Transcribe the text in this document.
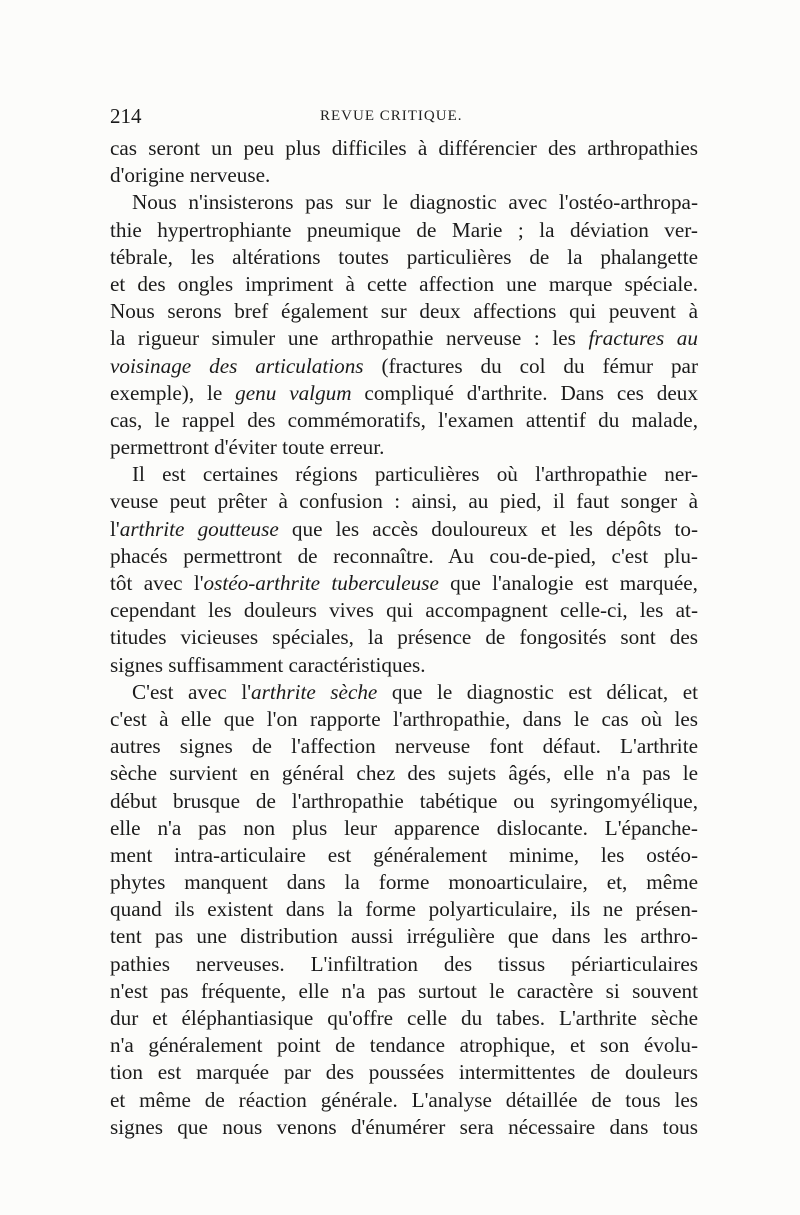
214	REVUE CRITIQUE.
cas seront un peu plus difficiles à différencier des arthropathies
d'origine nerveuse.
Nous n'insisterons pas sur le diagnostic avec l'ostéo-arthropa-
thie hypertrophiante pneumique de Marie ; la déviation ver-
tébrale, les altérations toutes particulières de la phalangette
et des ongles impriment à cette affection une marque spéciale.
Nous serons bref également sur deux affections qui peuvent à
la rigueur simuler une arthropathie nerveuse : les fractures au
voisinage des articulations (fractures du col du fémur par
exemple), le genu valgum compliqué d'arthrite. Dans ces deux
cas, le rappel des commémoratifs, l'examen attentif du malade,
permettront d'éviter toute erreur.
Il est certaines régions particulières où l'arthropathie ner-
veuse peut prêter à confusion : ainsi, au pied, il faut songer à
l'arthrite goutteuse que les accès douloureux et les dépôts to-
phacés permettront de reconnaître. Au cou-de-pied, c'est plu-
tôt avec l'ostéo-arthrite tuberculeuse que l'analogie est marquée,
cependant les douleurs vives qui accompagnent celle-ci, les at-
titudes vicieuses spéciales, la présence de fongosités sont des
signes suffisamment caractéristiques.
C'est avec l'arthrite sèche que le diagnostic est délicat, et
c'est à elle que l'on rapporte l'arthropathie, dans le cas où les
autres signes de l'affection nerveuse font défaut. L'arthrite
sèche survient en général chez des sujets âgés, elle n'a pas le
début brusque de l'arthropathie tabétique ou syringomyélique,
elle n'a pas non plus leur apparence dislocante. L'épanche-
ment intra-articulaire est généralement minime, les ostéo-
phytes manquent dans la forme monoarticulaire, et, même
quand ils existent dans la forme polyarticulaire, ils ne présen-
tent pas une distribution aussi irrégulière que dans les arthro-
pathies nerveuses. L'infiltration des tissus périarticulaires
n'est pas fréquente, elle n'a pas surtout le caractère si souvent
dur et éléphantiasique qu'offre celle du tabes. L'arthrite sèche
n'a généralement point de tendance atrophique, et son évolu-
tion est marquée par des poussées intermittentes de douleurs
et même de réaction générale. L'analyse détaillée de tous les
signes que nous venons d'énumérer sera nécessaire dans tous
